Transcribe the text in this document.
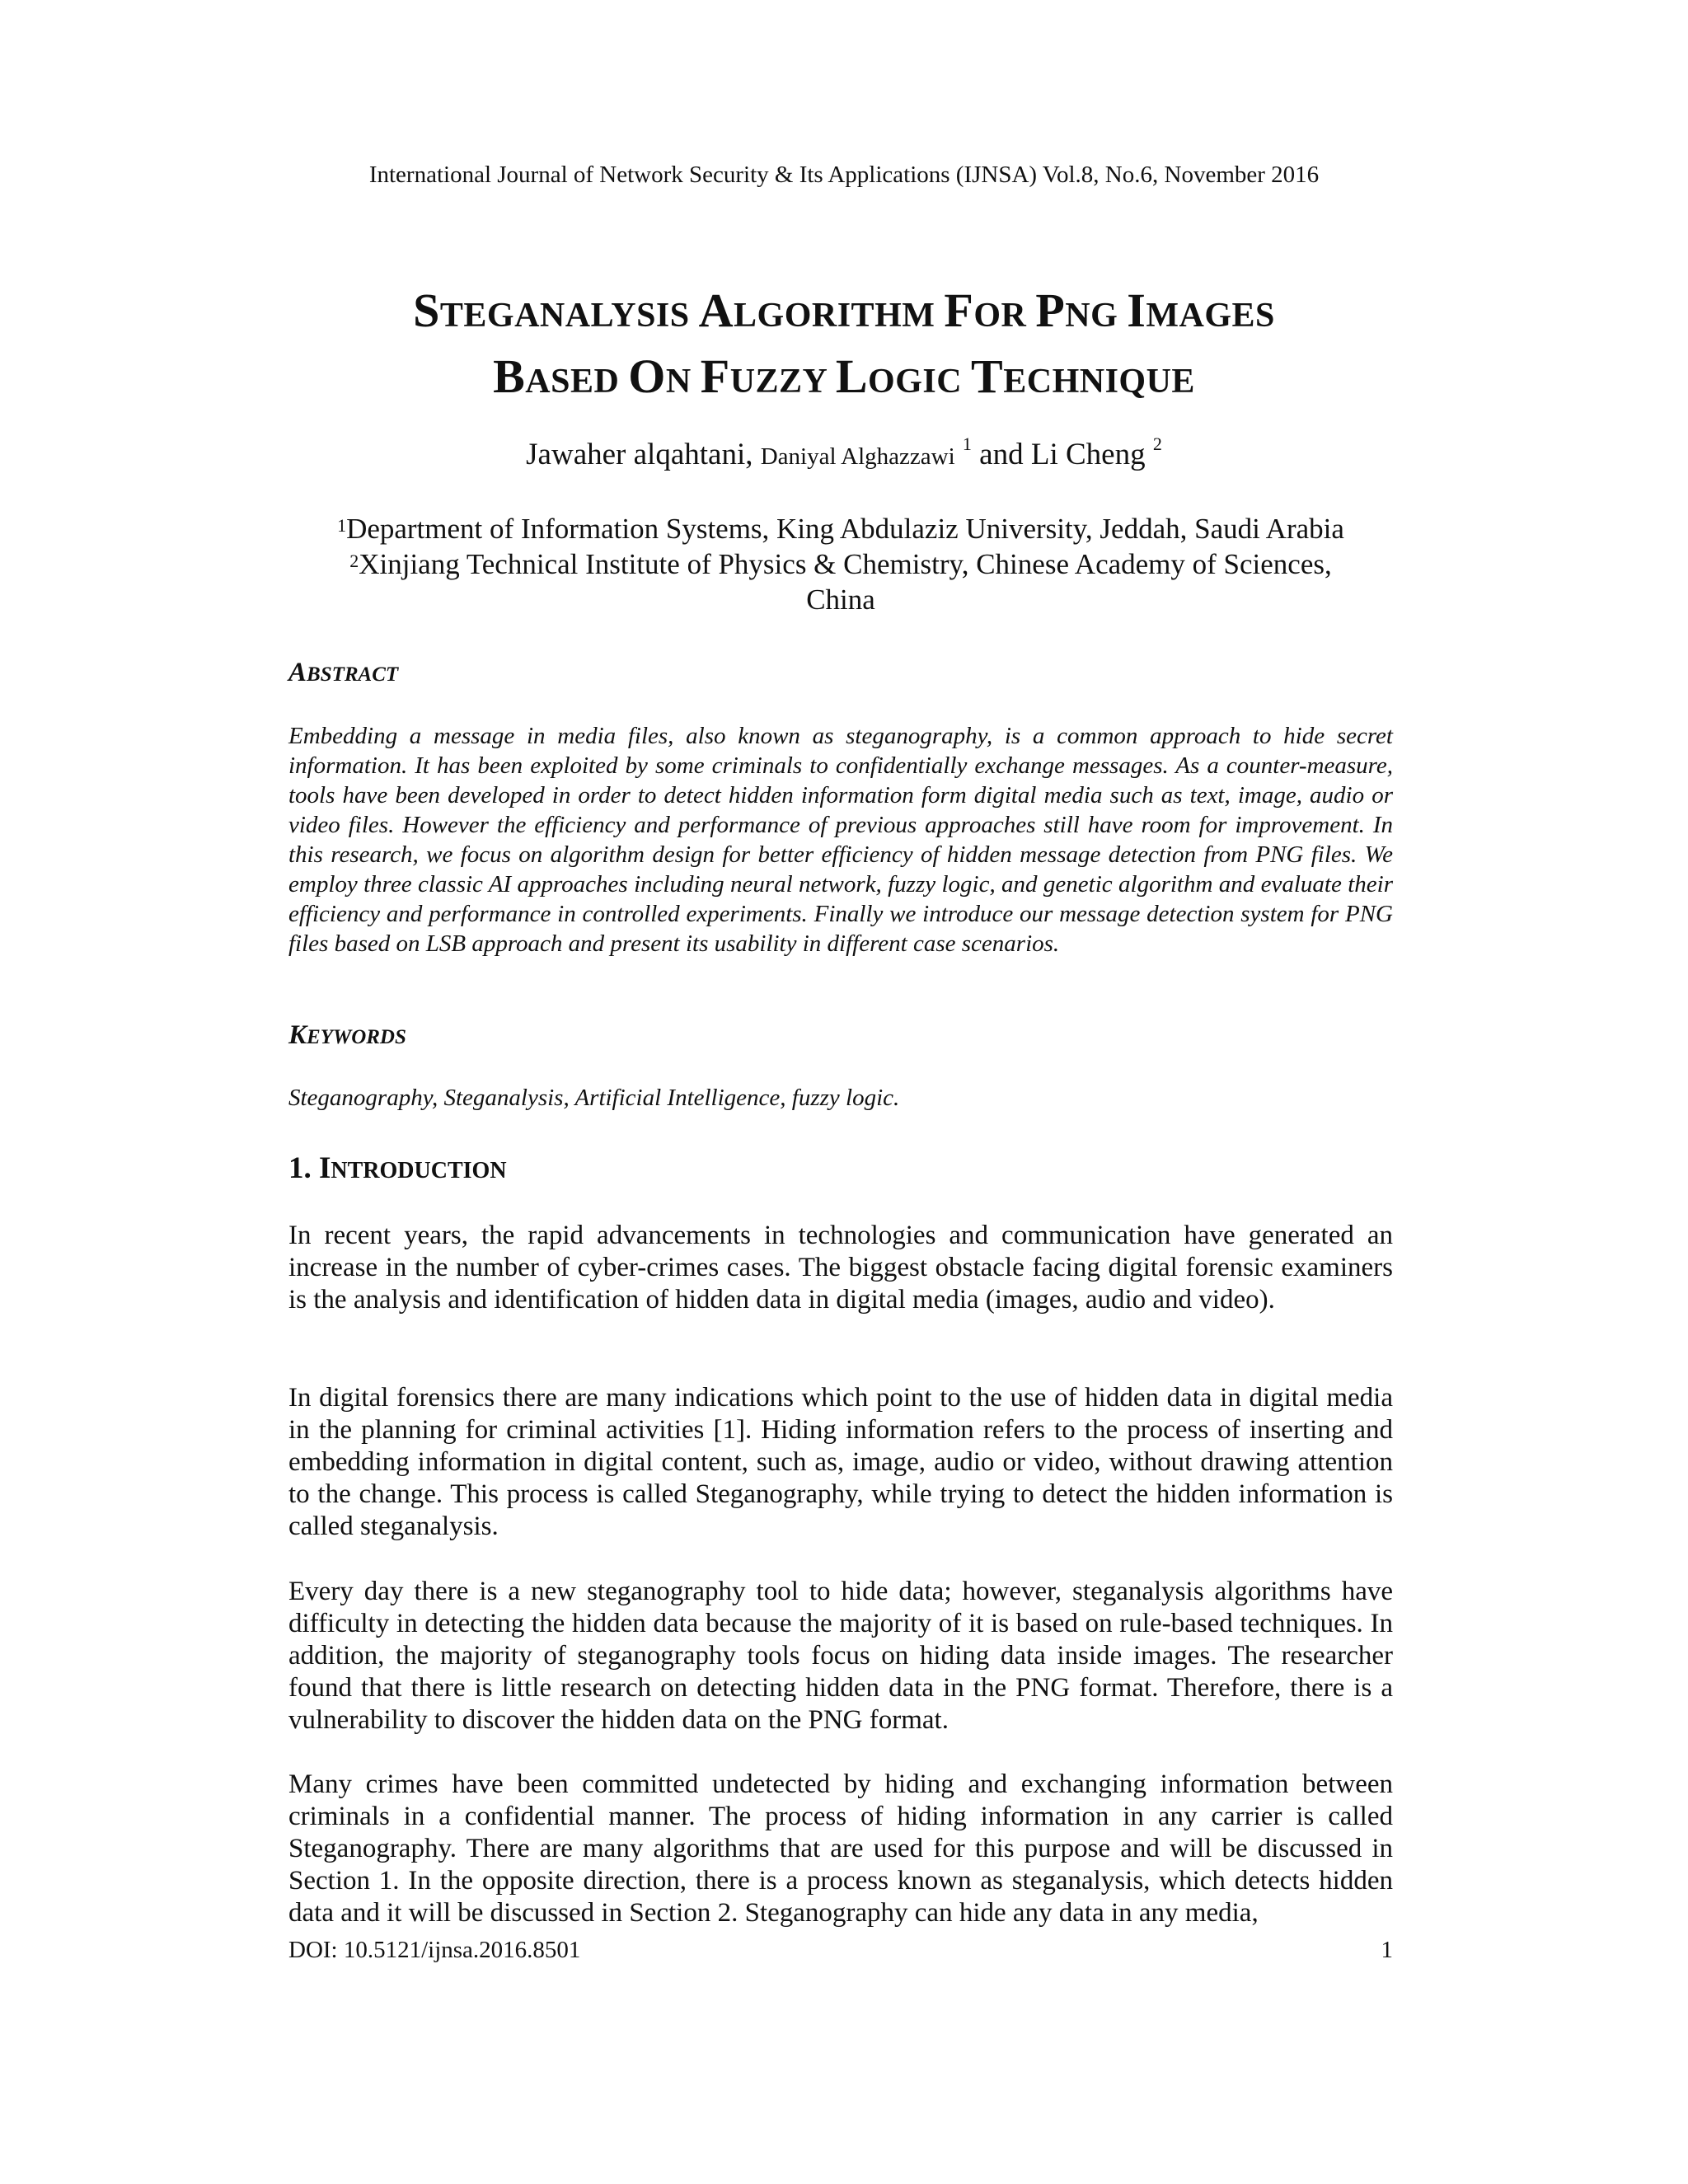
International Journal of Network Security & Its Applications (IJNSA) Vol.8, No.6, November 2016
STEGANALYSIS ALGORITHM FOR PNG IMAGES
BASED ON FUZZY LOGIC TECHNIQUE
Jawaher alqahtani, Daniyal Alghazzawi $^1$ and Li Cheng $^2$
$^1$Department of Information Systems, King Abdulaziz University, Jeddah, Saudi Arabia
$^2$Xinjiang Technical Institute of Physics & Chemistry, Chinese Academy of Sciences,
China
ABSTRACT

Embedding a message in media files, also known as steganography, is a common approach to hide secret information. It has been exploited by some criminals to confidentially exchange messages. As a counter-measure, tools have been developed in order to detect hidden information form digital media such as text, image, audio or video files. However the efficiency and performance of previous approaches still have room for improvement. In this research, we focus on algorithm design for better efficiency of hidden message detection from PNG files. We employ three classic AI approaches including neural network, fuzzy logic, and genetic algorithm and evaluate their efficiency and performance in controlled experiments. Finally we introduce our message detection system for PNG files based on LSB approach and present its usability in different case scenarios.

KEYWORDS

Steganography, Steganalysis, Artificial Intelligence, fuzzy logic.

1. INTRODUCTION

In recent years, the rapid advancements in technologies and communication have generated an increase in the number of cyber-crimes cases. The biggest obstacle facing digital forensic examiners is the analysis and identification of hidden data in digital media (images, audio and video).

In digital forensics there are many indications which point to the use of hidden data in digital media in the planning for criminal activities [1]. Hiding information refers to the process of inserting and embedding information in digital content, such as, image, audio or video, without drawing attention to the change. This process is called Steganography, while trying to detect the hidden information is called steganalysis.

Every day there is a new steganography tool to hide data; however, steganalysis algorithms have difficulty in detecting the hidden data because the majority of it is based on rule-based techniques. In addition, the majority of steganography tools focus on hiding data inside images. The researcher found that there is little research on detecting hidden data in the PNG format. Therefore, there is a vulnerability to discover the hidden data on the PNG format.

Many crimes have been committed undetected by hiding and exchanging information between criminals in a confidential manner. The process of hiding information in any carrier is called Steganography. There are many algorithms that are used for this purpose and will be discussed in Section 1. In the opposite direction, there is a process known as steganalysis, which detects hidden data and it will be discussed in Section 2. Steganography can hide any data in any media,

DOI: 10.5121/ijnsa.2016.8501	1
